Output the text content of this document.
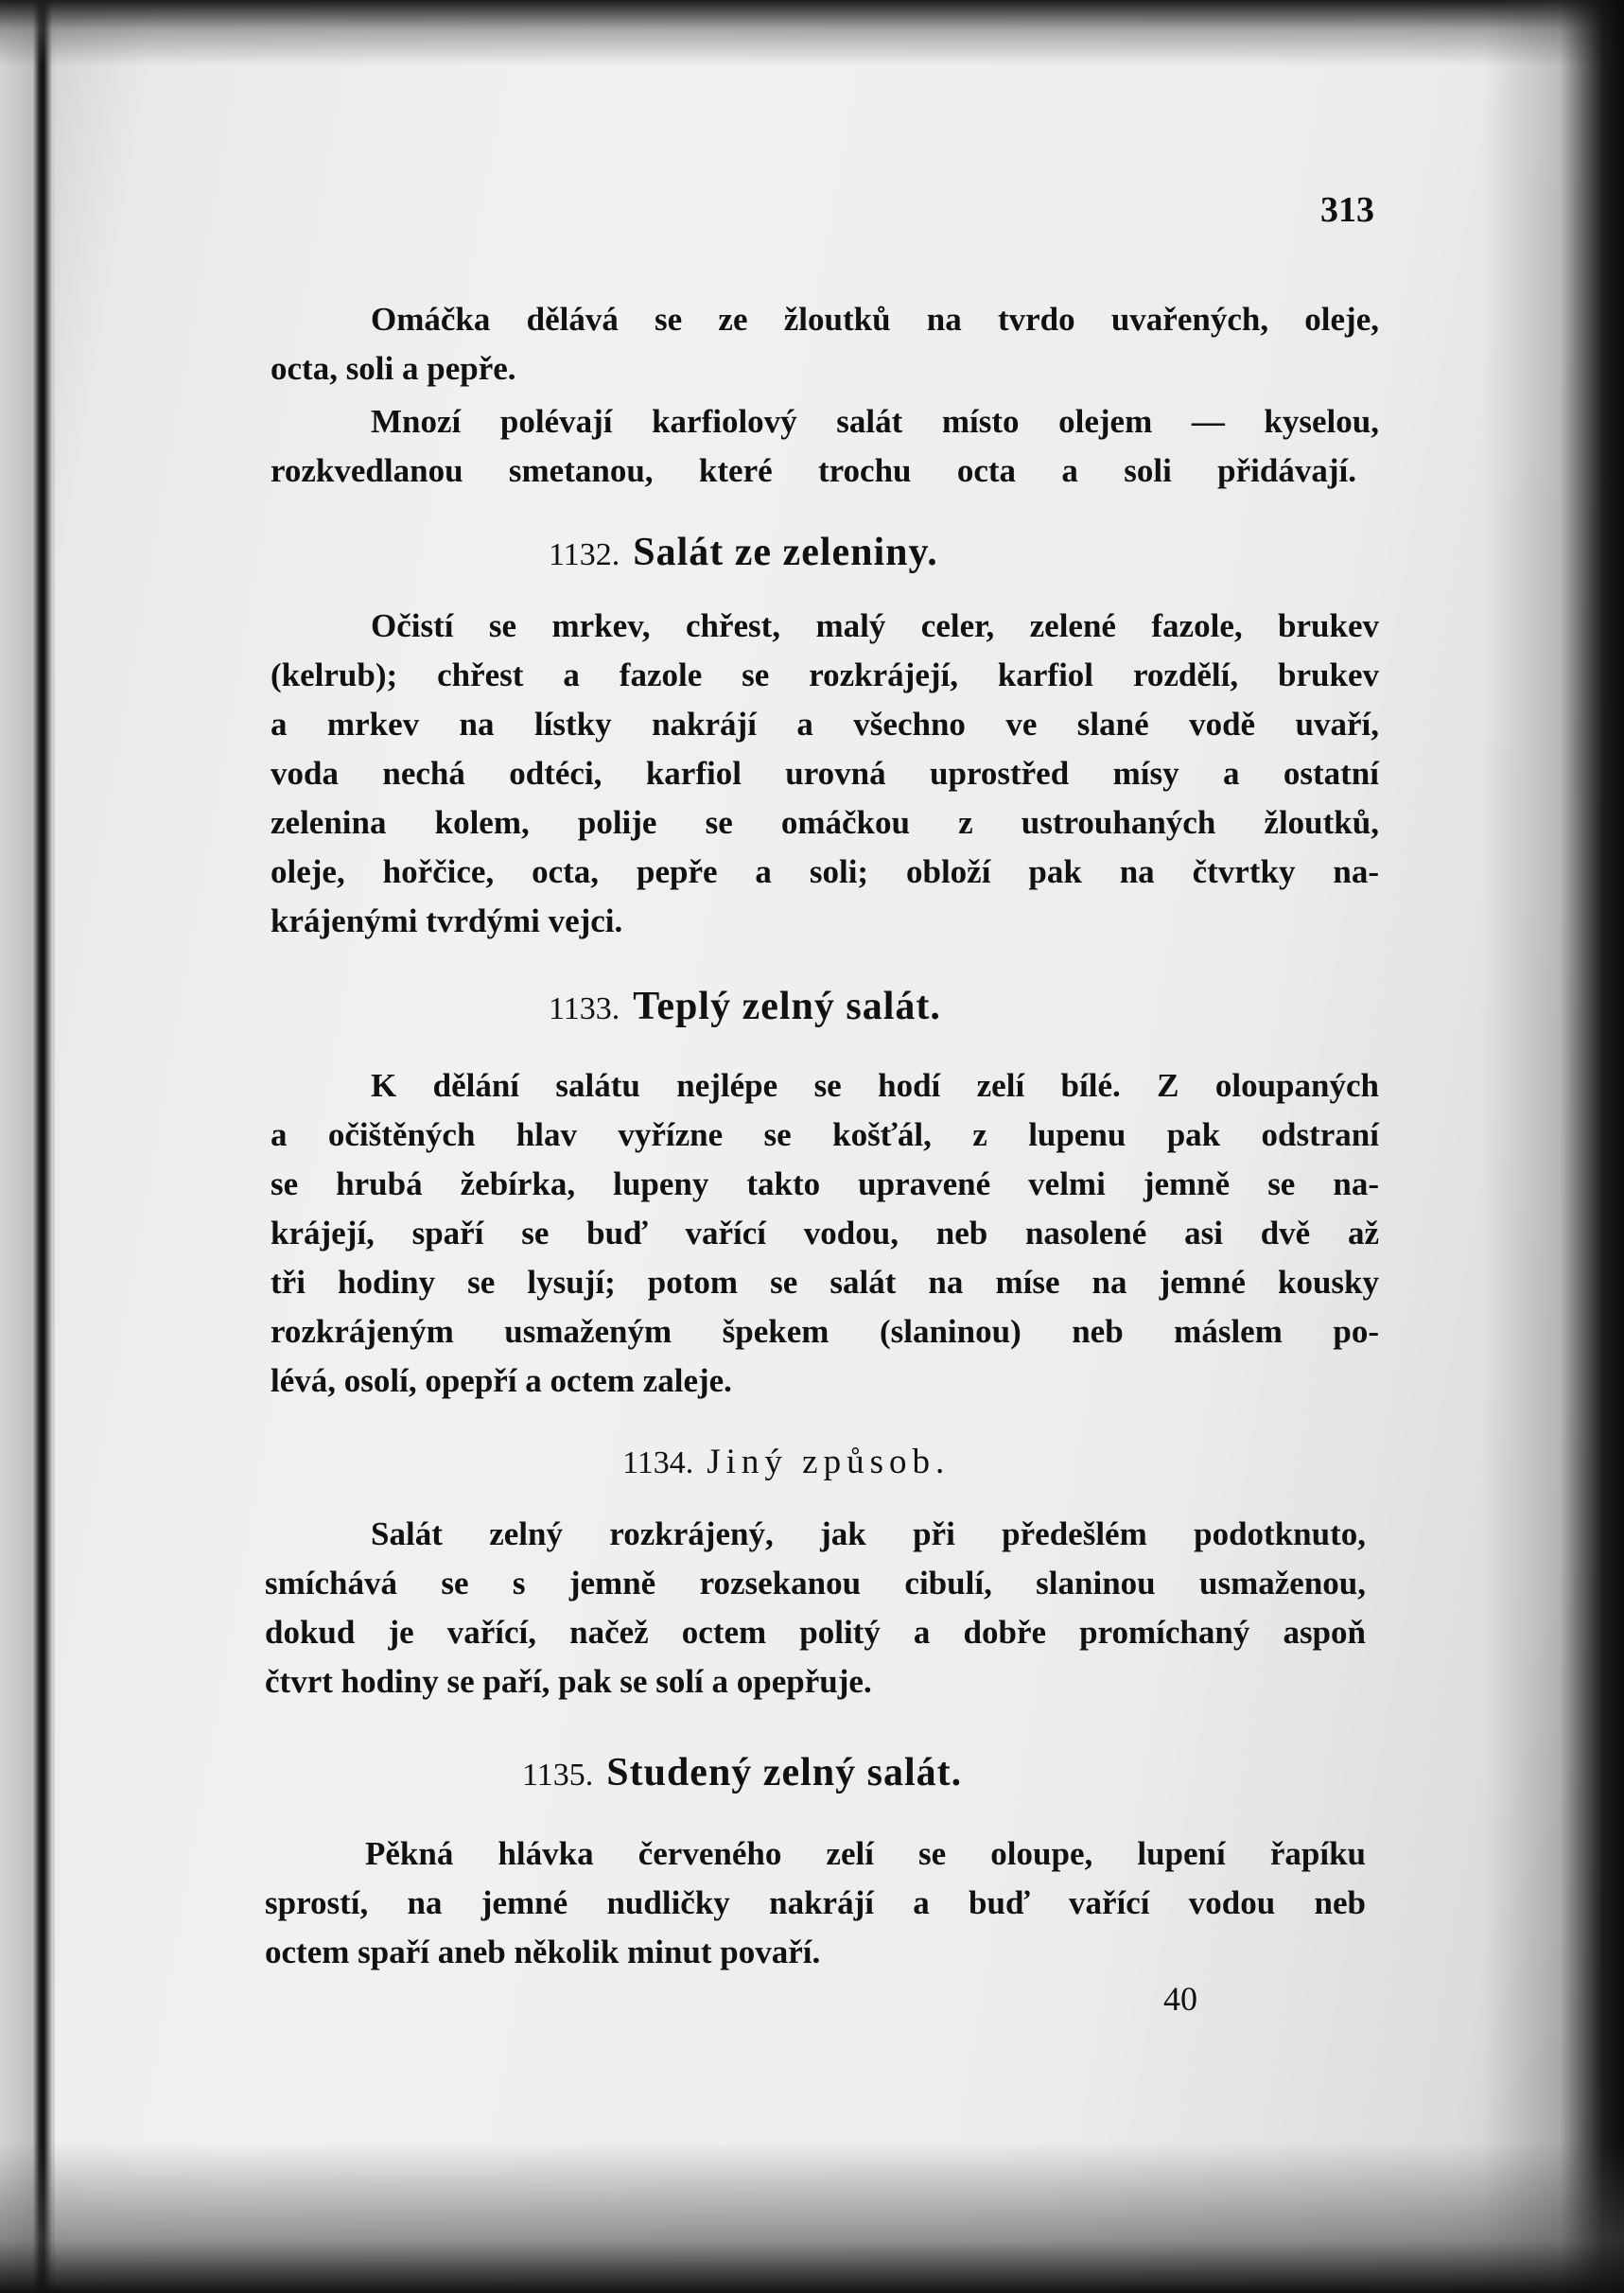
313
Omáčka dělává se ze žloutků na tvrdo uvařených, oleje,
octa, soli a pepře.
Mnozí polévají karfiolový salát místo olejem — kyselou,
rozkvedlanou smetanou, které trochu octa a soli přidávají.
1132. Salát ze zeleniny.
Očistí se mrkev, chřest, malý celer, zelené fazole, brukev
(kelrub); chřest a fazole se rozkrájejí, karfiol rozdělí, brukev
a mrkev na lístky nakrájí a všechno ve slané vodě uvaří,
voda nechá odtéci, karfiol urovná uprostřed mísy a ostatní
zelenina kolem, polije se omáčkou z ustrouhaných žloutků,
oleje, hořčice, octa, pepře a soli; obloží pak na čtvrtky na-
krájenými tvrdými vejci.
1133. Teplý zelný salát.
K dělání salátu nejlépe se hodí zelí bílé. Z oloupaných
a očištěných hlav vyřízne se košťál, z lupenu pak odstraní
se hrubá žebírka, lupeny takto upravené velmi jemně se na-
krájejí, spaří se buď vařící vodou, neb nasolené asi dvě až
tři hodiny se lysují; potom se salát na míse na jemné kousky
rozkrájeným usmaženým špekem (slaninou) neb máslem po-
lévá, osolí, opepří a octem zaleje.
1134. Jiný způsob.
Salát zelný rozkrájený, jak při předešlém podotknuto,
smíchává se s jemně rozsekanou cibulí, slaninou usmaženou,
dokud je vařící, načež octem politý a dobře promíchaný aspoň
čtvrt hodiny se paří, pak se solí a opepřuje.
1135. Studený zelný salát.
Pěkná hlávka červeného zelí se oloupe, lupení řapíku
sprostí, na jemné nudličky nakrájí a buď vařící vodou neb
octem spaří aneb několik minut povaří.
40
